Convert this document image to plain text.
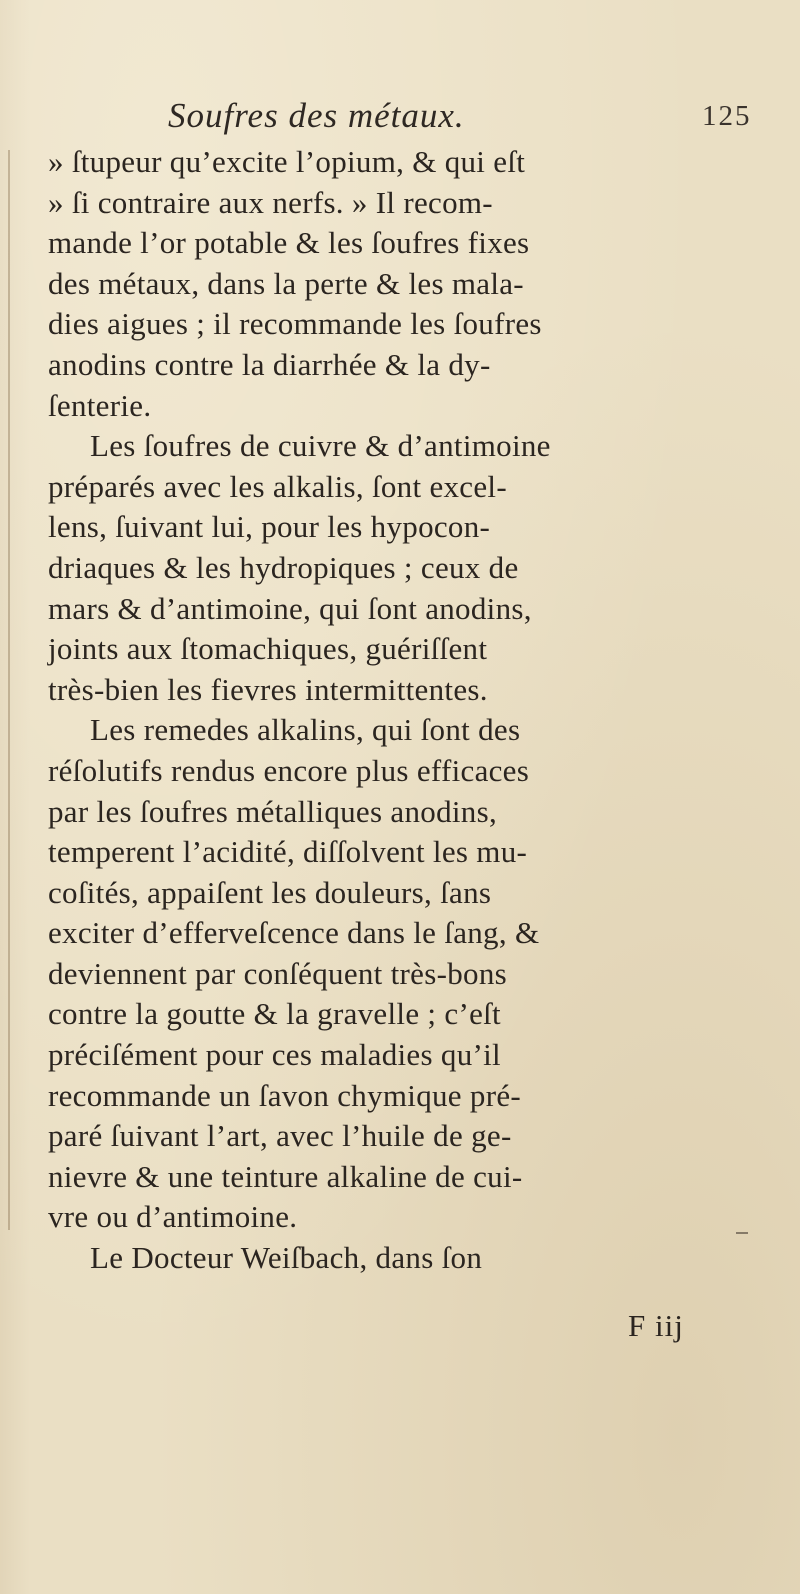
Soufres des métaux.	125
» ſtupeur qu’excite l’opium, & qui eſt
» ſi contraire aux nerfs. » Il recom-
mande l’or potable & les ſoufres fixes
des métaux, dans la perte & les mala-
dies aigues ; il recommande les ſoufres
anodins contre la diarrhée & la dy-
ſenterie.
Les ſoufres de cuivre & d’antimoine
préparés avec les alkalis, ſont excel-
lens, ſuivant lui, pour les hypocon-
driaques & les hydropiques ; ceux de
mars & d’antimoine, qui ſont anodins,
joints aux ſtomachiques, guériſſent
très-bien les fievres intermittentes.
Les remedes alkalins, qui ſont des
réſolutifs rendus encore plus efficaces
par les ſoufres métalliques anodins,
temperent l’acidité, diſſolvent les mu-
coſités, appaiſent les douleurs, ſans
exciter d’efferveſcence dans le ſang, &
deviennent par conſéquent très-bons
contre la goutte & la gravelle ; c’eſt
préciſément pour ces maladies qu’il
recommande un ſavon chymique pré-
paré ſuivant l’art, avec l’huile de ge-
nievre & une teinture alkaline de cui-
vre ou d’antimoine.
Le Docteur Weiſbach, dans ſon
F iij
